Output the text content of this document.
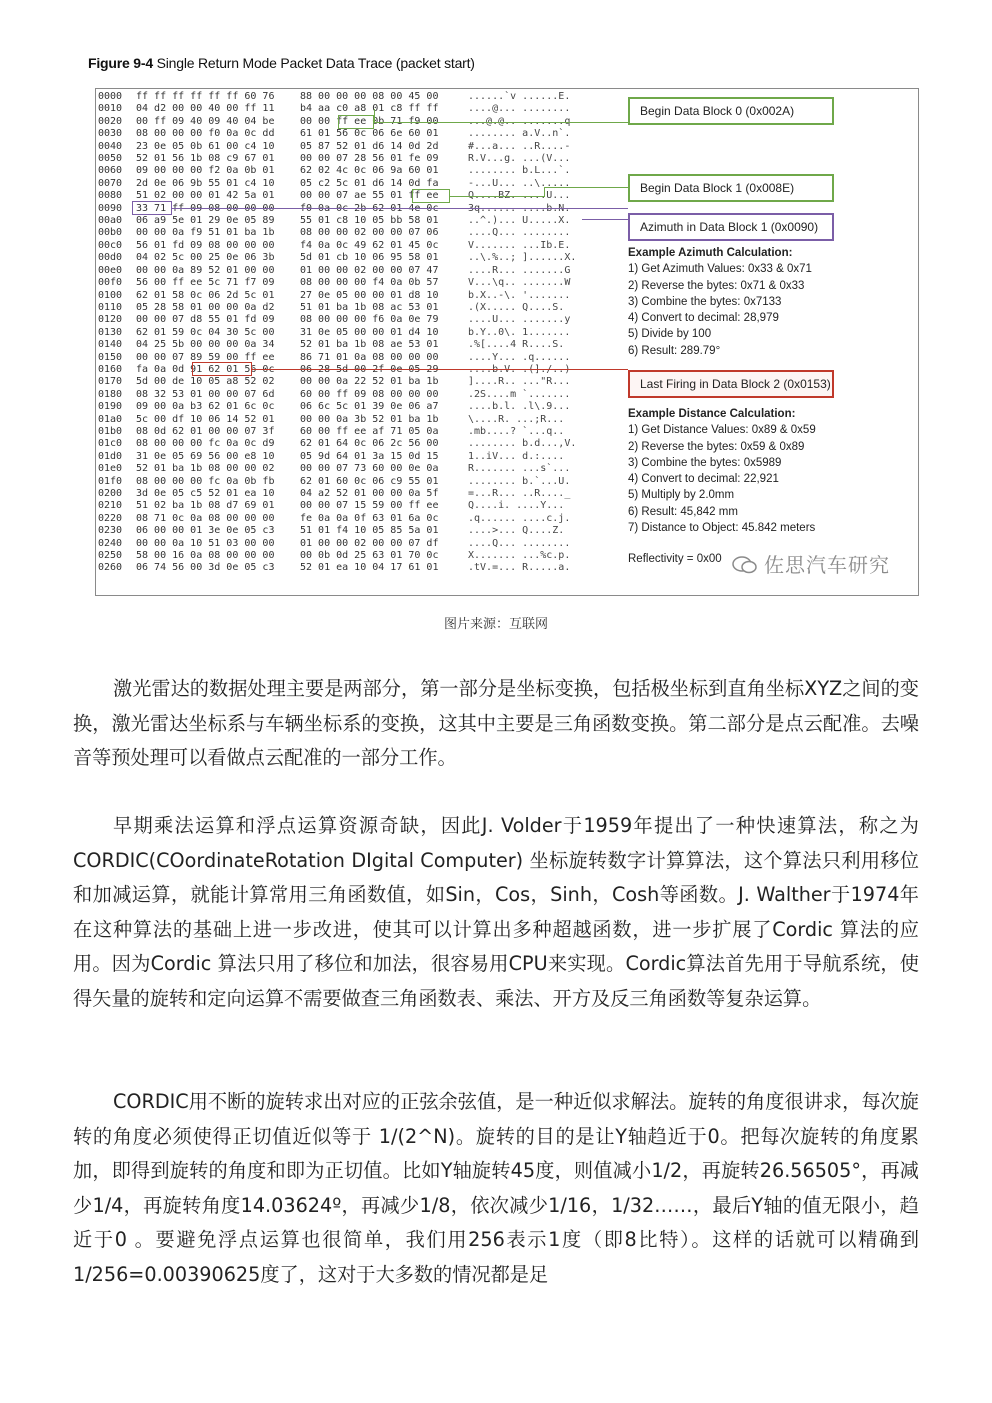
Figure 9-4 Single Return Mode Packet Data Trace (packet start)
0000
0010
0020
0030
0040
0050
0060
0070
0080
0090
00a0
00b0
00c0
00d0
00e0
00f0
0100
0110
0120
0130
0140
0150
0160
0170
0180
0190
01a0
01b0
01c0
01d0
01e0
01f0
0200
0210
0220
0230
0240
0250
0260
ff ff ff ff ff ff 60 76
04 d2 00 00 40 00 ff 11
00 ff 09 40 09 40 04 be
08 00 00 00 f0 0a 0c dd
23 0e 05 0b 61 00 c4 10
52 01 56 1b 08 c9 67 01
09 00 00 00 f2 0a 0b 01
2d 0e 06 9b 55 01 c4 10
51 02 00 00 01 42 5a 01
33 71 ff 09 08 00 00 00
06 a9 5e 01 29 0e 05 89
00 00 0a f9 51 01 ba 1b
56 01 fd 09 08 00 00 00
04 02 5c 00 25 0e 06 3b
00 00 0a 89 52 01 00 00
56 00 ff ee 5c 71 f7 09
62 01 58 0c 06 2d 5c 01
05 28 58 01 00 00 0a d2
00 00 07 d8 55 01 fd 09
62 01 59 0c 04 30 5c 00
04 25 5b 00 00 00 0a 34
00 00 07 89 59 00 ff ee
fa 0a 0d 91 62 01 56 0c
5d 00 de 10 05 a8 52 02
08 32 53 01 00 00 07 6d
09 00 0a b3 62 01 6c 0c
5c 00 df 10 06 14 52 01
08 0d 62 01 00 00 07 3f
08 00 00 00 fc 0a 0c d9
31 0e 05 69 56 00 e8 10
52 01 ba 1b 08 00 00 02
08 00 00 00 fc 0a 0b fb
3d 0e 05 c5 52 01 ea 10
51 02 ba 1b 08 d7 69 01
08 71 0c 0a 08 00 00 00
06 00 00 01 3e 0e 05 c3
00 00 0a 10 51 03 00 00
58 00 16 0a 08 00 00 00
06 74 56 00 3d 0e 05 c3
88 00 00 00 08 00 45 00
b4 aa c0 a8 01 c8 ff ff
00 00 ff ee 0b 71 f9 00
61 01 56 0c 06 6e 60 01
05 87 52 01 d6 14 0d 2d
00 00 07 28 56 01 fe 09
62 02 4c 0c 06 9a 60 01
05 c2 5c 01 d6 14 0d fa
00 00 07 ae 55 01 ff ee
f0 0a 0c 2b 62 01 4e 0c
55 01 c8 10 05 bb 58 01
08 00 00 02 00 00 07 06
f4 0a 0c 49 62 01 45 0c
5d 01 cb 10 06 95 58 01
01 00 00 02 00 00 07 47
08 00 00 00 f4 0a 0b 57
27 0e 05 00 00 01 d8 10
51 01 ba 1b 08 ac 53 01
08 00 00 00 f6 0a 0e 79
31 0e 05 00 00 01 d4 10
52 01 ba 1b 08 ae 53 01
86 71 01 0a 08 00 00 00
06 28 5d 00 2f 0e 05 29
00 00 0a 22 52 01 ba 1b
60 00 ff 09 08 00 00 00
06 6c 5c 01 39 0e 06 a7
00 00 0a 3b 52 01 ba 1b
60 00 ff ee af 71 05 0a
62 01 64 0c 06 2c 56 00
05 9d 64 01 3a 15 0d 15
00 00 07 73 60 00 0e 0a
62 01 60 0c 06 c9 55 01
04 a2 52 01 00 00 0a 5f
00 00 07 15 59 00 ff ee
fe 0a 0a 0f 63 01 6a 0c
51 01 f4 10 05 85 5a 01
01 00 00 02 00 00 07 df
00 0b 0d 25 63 01 70 0c
52 01 ea 10 04 17 61 01
......`v ......E.
....@... ........
...@.@.. .......q
........ a.V..n`.
#...a... ..R....-
R.V...g. ...(V...
........ b.L...`.
-...U... ..\.....
Q....BZ. ....U...
3q...... ....b.N.
..^.)... U.....X.
....Q... ........
V....... ...Ib.E.
..\.%..; ]......X.
....R... .......G
V...\q.. .......W
b.X..-\. '.......
.(X..... Q....S.
....U... .......y
b.Y..0\. 1.......
.%[....4 R....S.
....Y... .q......
....b.V. .(]./..)
]....R.. ..."R...
.2S....m `.......
....b.l. .l\.9...
\....R. ...;R...
.mb....? `...q..
........ b.d...,V.
1..iV... d.:....
R....... ...s`...
........ b.`...U.
=...R... ..R...._
Q....i. ....Y...
.q...... ....c.j.
....>... Q....Z.
....Q... ........
X....... ...%c.p.
.tV.=... R.....a.
Begin Data Block 0 (0x002A)
Begin Data Block 1 (0x008E)
Azimuth in Data Block 1 (0x0090)
Example Azimuth Calculation:
1) Get Azimuth Values: 0x33 & 0x71
2) Reverse the bytes: 0x71 & 0x33
3) Combine the bytes: 0x7133
4) Convert to decimal: 28,979
5) Divide by 100
6) Result: 289.79°
Last Firing in Data Block 2 (0x0153)
Example Distance Calculation:
1) Get Distance Values: 0x89 & 0x59
2) Reverse the bytes: 0x59 & 0x89
3) Combine the bytes: 0x5989
4) Convert to decimal: 22,921
5) Multiply by 2.0mm
6) Result: 45,842 mm
7) Distance to Object: 45.842 meters
Reflectivity = 0x00 佐思汽车研究
图片来源：互联网

激光雷达的数据处理主要是两部分，第一部分是坐标变换，包括极坐标到直角坐标XYZ之间的变换，激光雷达坐标系与车辆坐标系的变换，这其中主要是三角函数变换。第二部分是点云配准。去噪音等预处理可以看做点云配准的一部分工作。

早期乘法运算和浮点运算资源奇缺，因此J. Volder于1959年提出了一种快速算法，称之为CORDIC(COordinateRotation DIgital Computer) 坐标旋转数字计算算法，这个算法只利用移位和加减运算，就能计算常用三角函数值，如Sin，Cos，Sinh，Cosh等函数。J. Walther于1974年在这种算法的基础上进一步改进，使其可以计算出多种超越函数，进一步扩展了Cordic 算法的应用。因为Cordic 算法只用了移位和加法，很容易用CPU来实现。Cordic算法首先用于导航系统，使得矢量的旋转和定向运算不需要做查三角函数表、乘法、开方及反三角函数等复杂运算。

CORDIC用不断的旋转求出对应的正弦余弦值，是一种近似求解法。旋转的角度很讲求，每次旋转的角度必须使得正切值近似等于 1/(2^N)。旋转的目的是让Y轴趋近于0。把每次旋转的角度累加，即得到旋转的角度和即为正切值。比如Y轴旋转45度，则值减小1/2，再旋转26.56505°，再减少1/4，再旋转角度14.03624º，再减少1/8，依次减少1/16，1/32……，最后Y轴的值无限小，趋近于0 。要避免浮点运算也很简单，我们用256表示1度（即8比特）。这样的话就可以精确到1/256=0.00390625度了，这对于大多数的情况都是足
